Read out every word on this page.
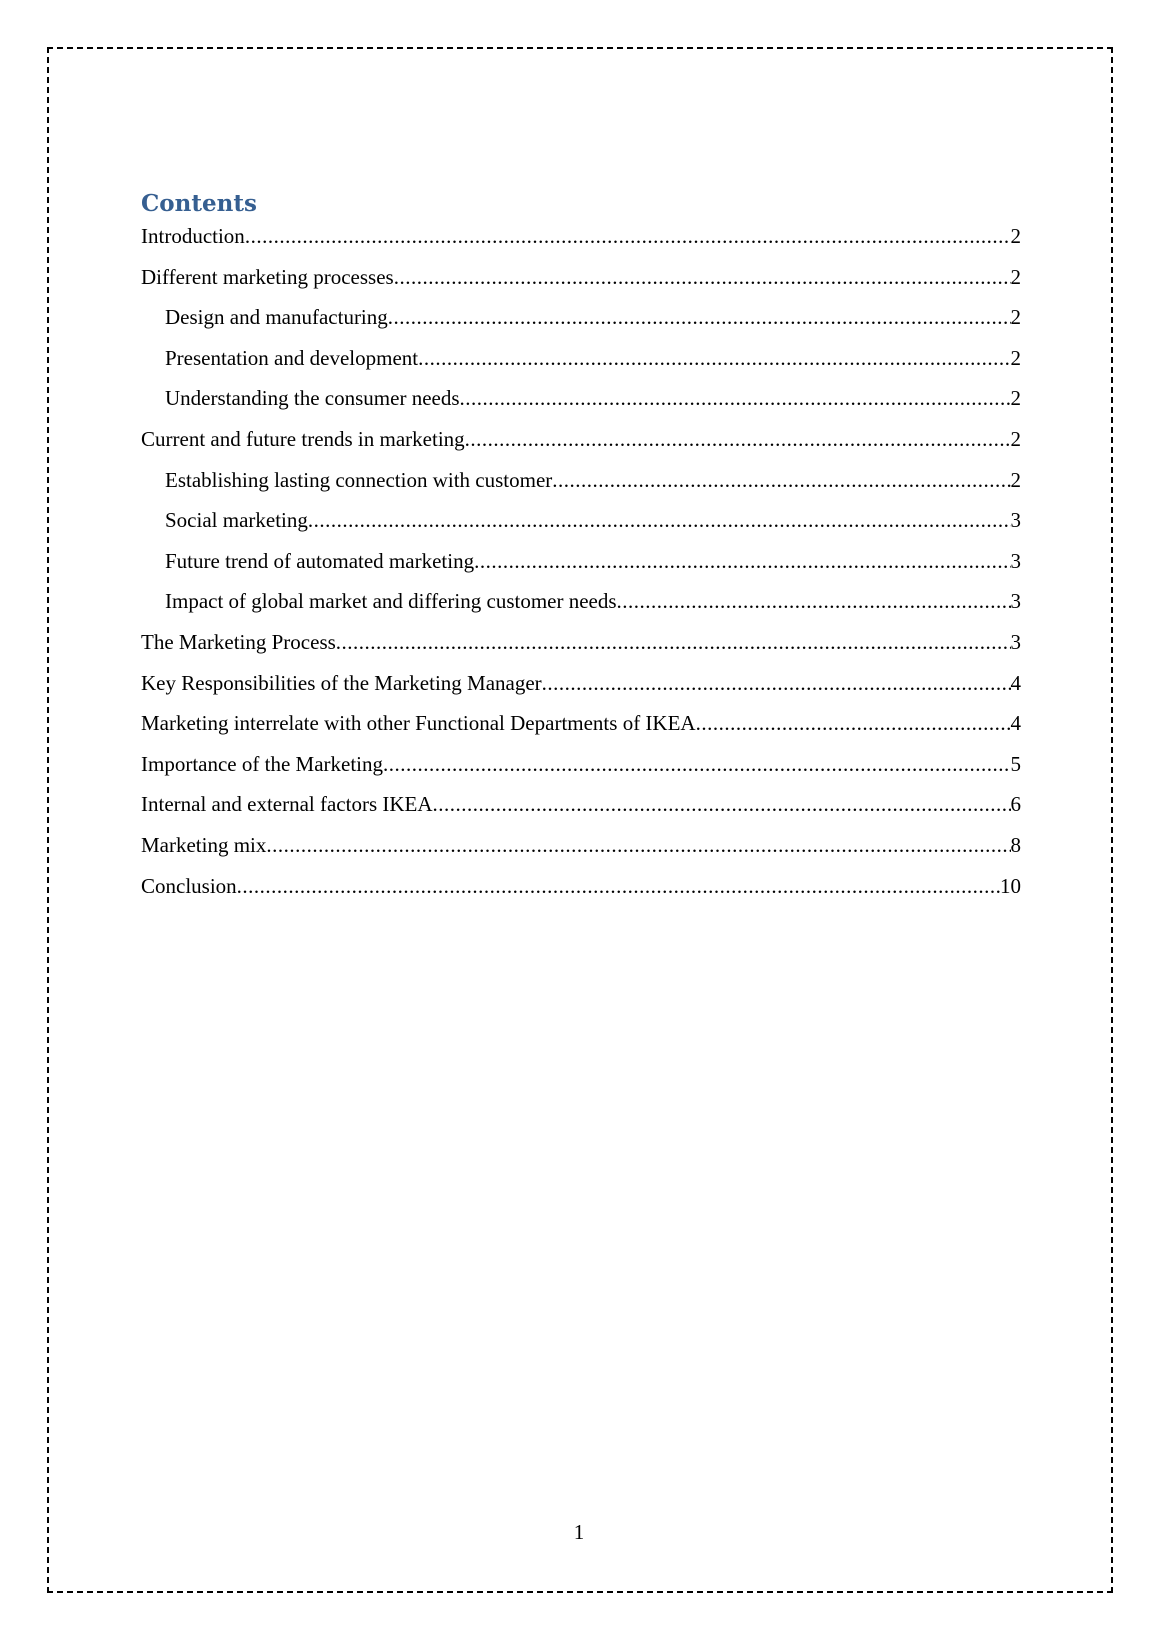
Contents
Introduction .....	2
Different marketing processes .....	2
Design and manufacturing .....	2
Presentation and development .....	2
Understanding the consumer needs .....	2
Current and future trends in marketing .....	2
Establishing lasting connection with customer .....	2
Social marketing .....	3
Future trend of automated marketing .....	3
Impact of global market and differing customer needs .....	3
The Marketing Process .....	3
Key Responsibilities of the Marketing Manager .....	4
Marketing interrelate with other Functional Departments of IKEA .....	4
Importance of the Marketing .....	5
Internal and external factors IKEA .....	6
Marketing mix .....	8
Conclusion .....	10
1
